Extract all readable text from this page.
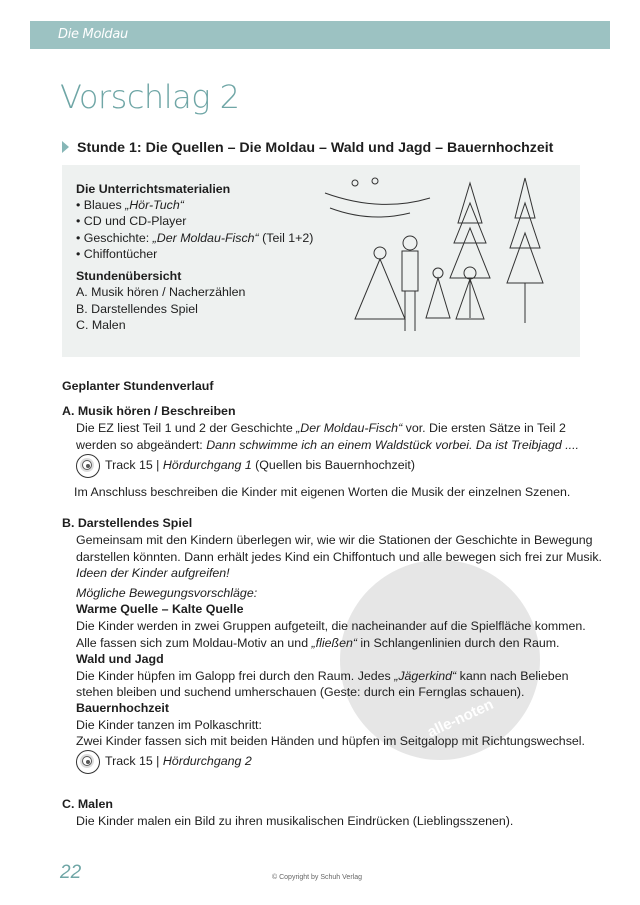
Die Moldau
alle-noten
Vorschlag 2
Stunde 1: Die Quellen – Die Moldau – Wald und Jagd – Bauernhochzeit
Die Unterrichtsmaterialien
• Blaues „Hör-Tuch“
• CD und CD-Player
• Geschichte: „Der Moldau-Fisch“ (Teil 1+2)
• Chiffontücher
Stundenübersicht
A. Musik hören / Nacherzählen
B. Darstellendes Spiel
C. Malen
Geplanter Stundenverlauf
A. Musik hören / Beschreiben
Die EZ liest Teil 1 und 2 der Geschichte „Der Moldau-Fisch“ vor. Die ersten Sätze in Teil 2
werden so abgeändert: Dann schwimme ich an einem Waldstück vorbei. Da ist Treibjagd ....
Track 15 | Hördurchgang 1 (Quellen bis Bauernhochzeit)
Im Anschluss beschreiben die Kinder mit eigenen Worten die Musik der einzelnen Szenen.
B. Darstellendes Spiel
Gemeinsam mit den Kindern überlegen wir, wie wir die Stationen der Geschichte in Bewegung
darstellen könnten. Dann erhält jedes Kind ein Chiffontuch und alle bewegen sich frei zur Musik.
Ideen der Kinder aufgreifen!
Mögliche Bewegungsvorschläge:
Warme Quelle – Kalte Quelle
Die Kinder werden in zwei Gruppen aufgeteilt, die nacheinander auf die Spielfläche kommen.
Alle fassen sich zum Moldau-Motiv an und „fließen“ in Schlangenlinien durch den Raum.
Wald und Jagd
Die Kinder hüpfen im Galopp frei durch den Raum. Jedes „Jägerkind“ kann nach Belieben
stehen bleiben und suchend umherschauen (Geste: durch ein Fernglas schauen).
Bauernhochzeit
Die Kinder tanzen im Polkaschritt:
Zwei Kinder fassen sich mit beiden Händen und hüpfen im Seitgalopp mit Richtungswechsel.
Track 15 | Hördurchgang 2
C. Malen
Die Kinder malen ein Bild zu ihren musikalischen Eindrücken (Lieblingsszenen).
22	© Copyright by Schuh Verlag
